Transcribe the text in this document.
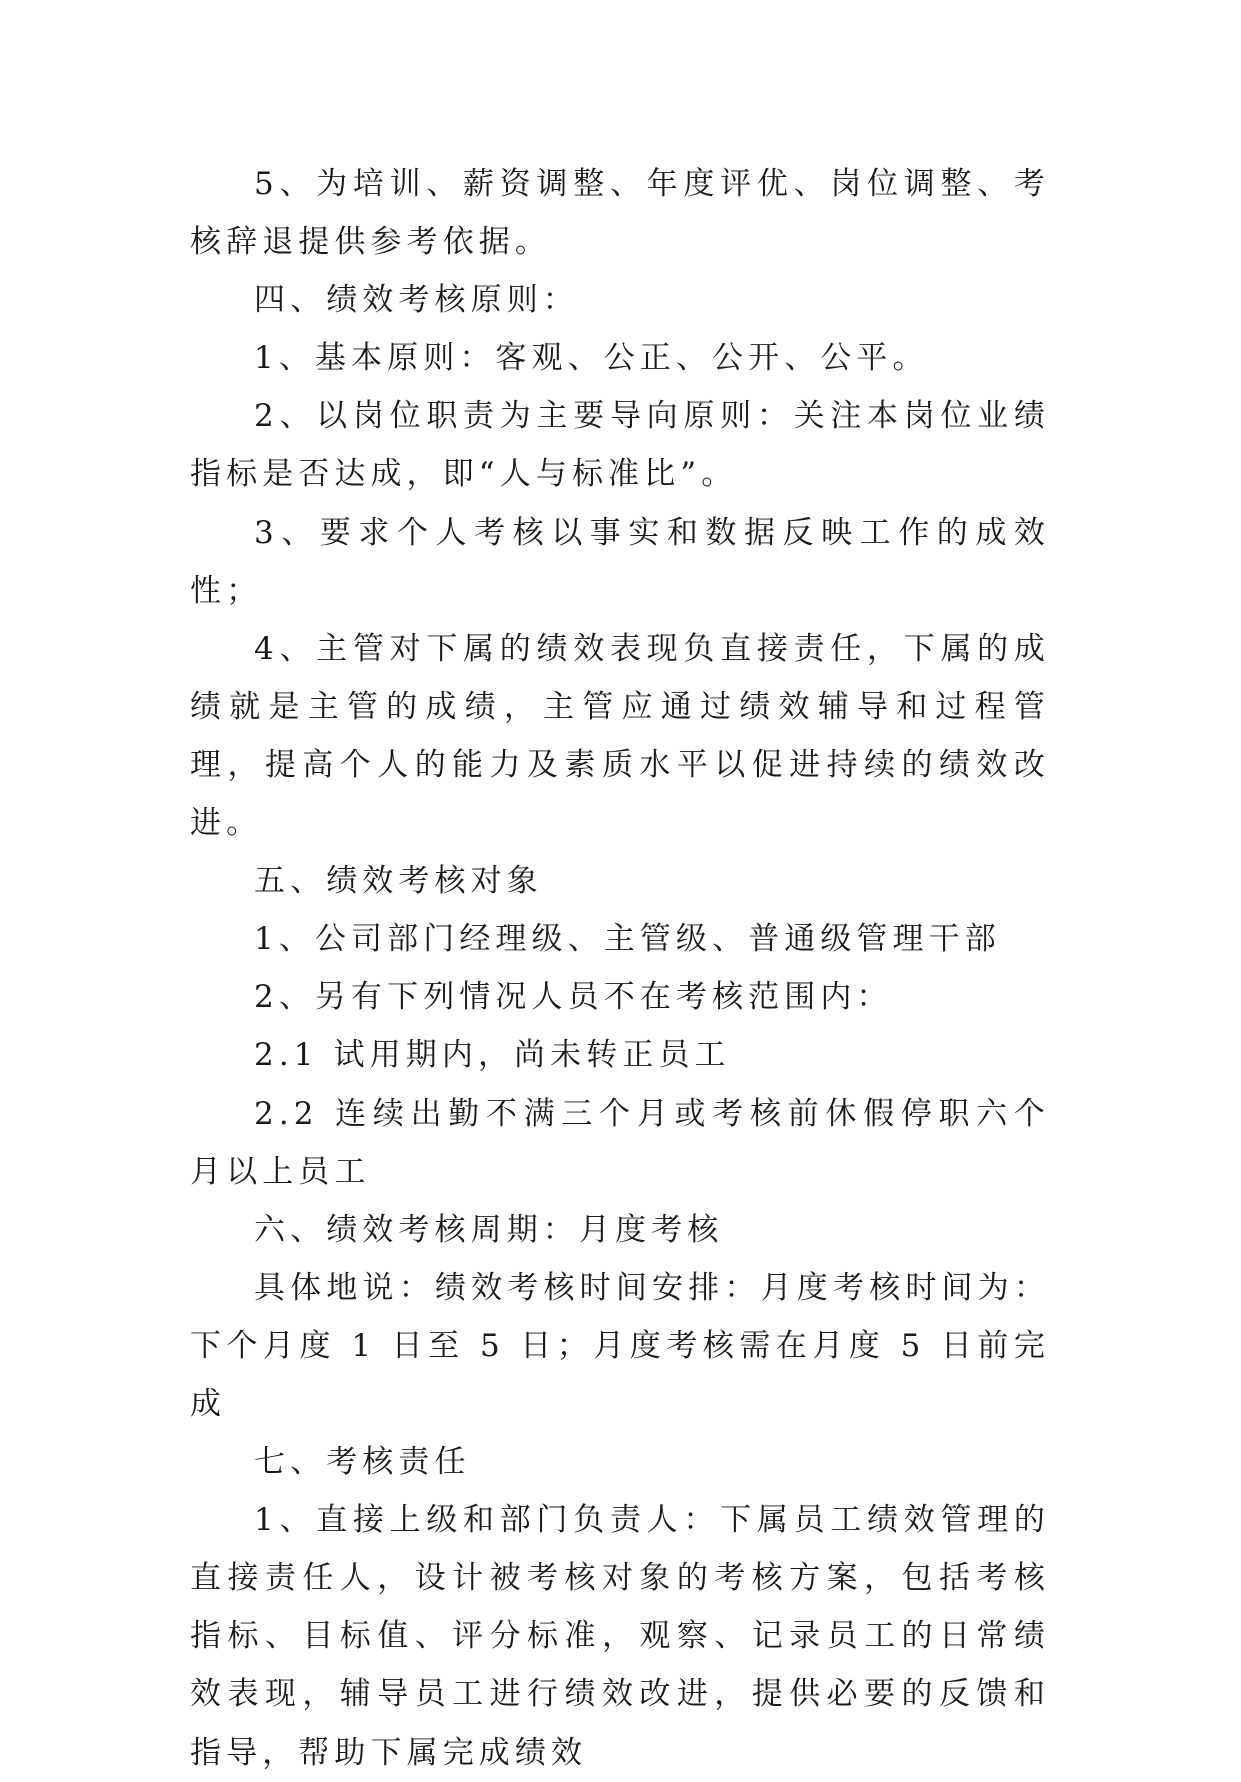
5、为培训、薪资调整、年度评优、岗位调整、考核辞退提供参考依据。

四、绩效考核原则：

1、基本原则：客观、公正、公开、公平。

2、以岗位职责为主要导向原则：关注本岗位业绩指标是否达成，即“人与标准比”。

3、要求个人考核以事实和数据反映工作的成效性；

4、主管对下属的绩效表现负直接责任，下属的成绩就是主管的成绩，主管应通过绩效辅导和过程管理，提高个人的能力及素质水平以促进持续的绩效改进。

五、绩效考核对象

1、公司部门经理级、主管级、普通级管理干部

2、另有下列情况人员不在考核范围内：

2.1 试用期内，尚未转正员工

2.2 连续出勤不满三个月或考核前休假停职六个月以上员工

六、绩效考核周期：月度考核

具体地说：绩效考核时间安排：月度考核时间为：下个月度 1 日至 5 日；月度考核需在月度 5 日前完成

七、考核责任

1、直接上级和部门负责人：下属员工绩效管理的直接责任人，设计被考核对象的考核方案，包括考核指标、目标值、评分标准，观察、记录员工的日常绩效表现，辅导员工进行绩效改进，提供必要的反馈和指导，帮助下属完成绩效
